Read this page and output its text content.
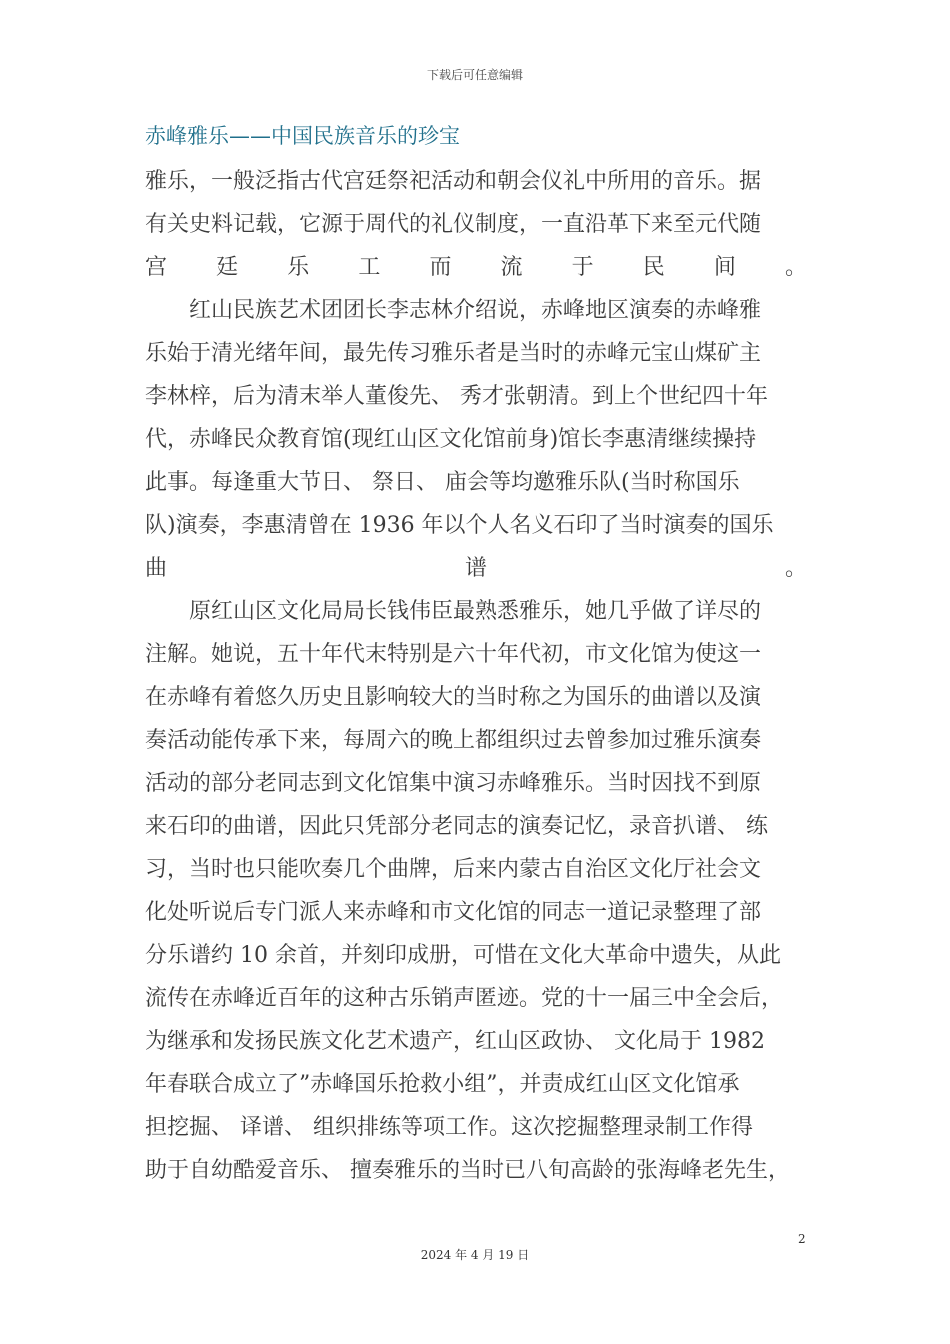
下载后可任意编辑
赤峰雅乐——中国民族音乐的珍宝
雅乐，一般泛指古代宫廷祭祀活动和朝会仪礼中所用的音乐。据
有关史料记载，它源于周代的礼仪制度，一直沿革下来至元代随
宫 廷 乐 工 而 流 于 民 间 。
红山民族艺术团团长李志林介绍说，赤峰地区演奏的赤峰雅
乐始于清光绪年间，最先传习雅乐者是当时的赤峰元宝山煤矿主
李林梓，后为清末举人董俊先、 秀才张朝清。到上个世纪四十年
代，赤峰民众教育馆(现红山区文化馆前身)馆长李惠清继续操持
此事。每逢重大节日、 祭日、 庙会等均邀雅乐队(当时称国乐
队)演奏，李惠清曾在 1936 年以个人名义石印了当时演奏的国乐
曲	谱	。
原红山区文化局局长钱伟臣最熟悉雅乐，她几乎做了详尽的
注解。她说，五十年代末特别是六十年代初，市文化馆为使这一
在赤峰有着悠久历史且影响较大的当时称之为国乐的曲谱以及演
奏活动能传承下来，每周六的晚上都组织过去曾参加过雅乐演奏
活动的部分老同志到文化馆集中演习赤峰雅乐。当时因找不到原
来石印的曲谱，因此只凭部分老同志的演奏记忆，录音扒谱、 练
习，当时也只能吹奏几个曲牌，后来内蒙古自治区文化厅社会文
化处听说后专门派人来赤峰和市文化馆的同志一道记录整理了部
分乐谱约 10 余首，并刻印成册，可惜在文化大革命中遗失，从此
流传在赤峰近百年的这种古乐销声匿迹。党的十一届三中全会后，
为继承和发扬民族文化艺术遗产，红山区政协、 文化局于 1982
年春联合成立了”赤峰国乐抢救小组”，并责成红山区文化馆承
担挖掘、 译谱、 组织排练等项工作。这次挖掘整理录制工作得
助于自幼酷爱音乐、 擅奏雅乐的当时已八旬高龄的张海峰老先生，
2
2024 年 4 月 19 日
